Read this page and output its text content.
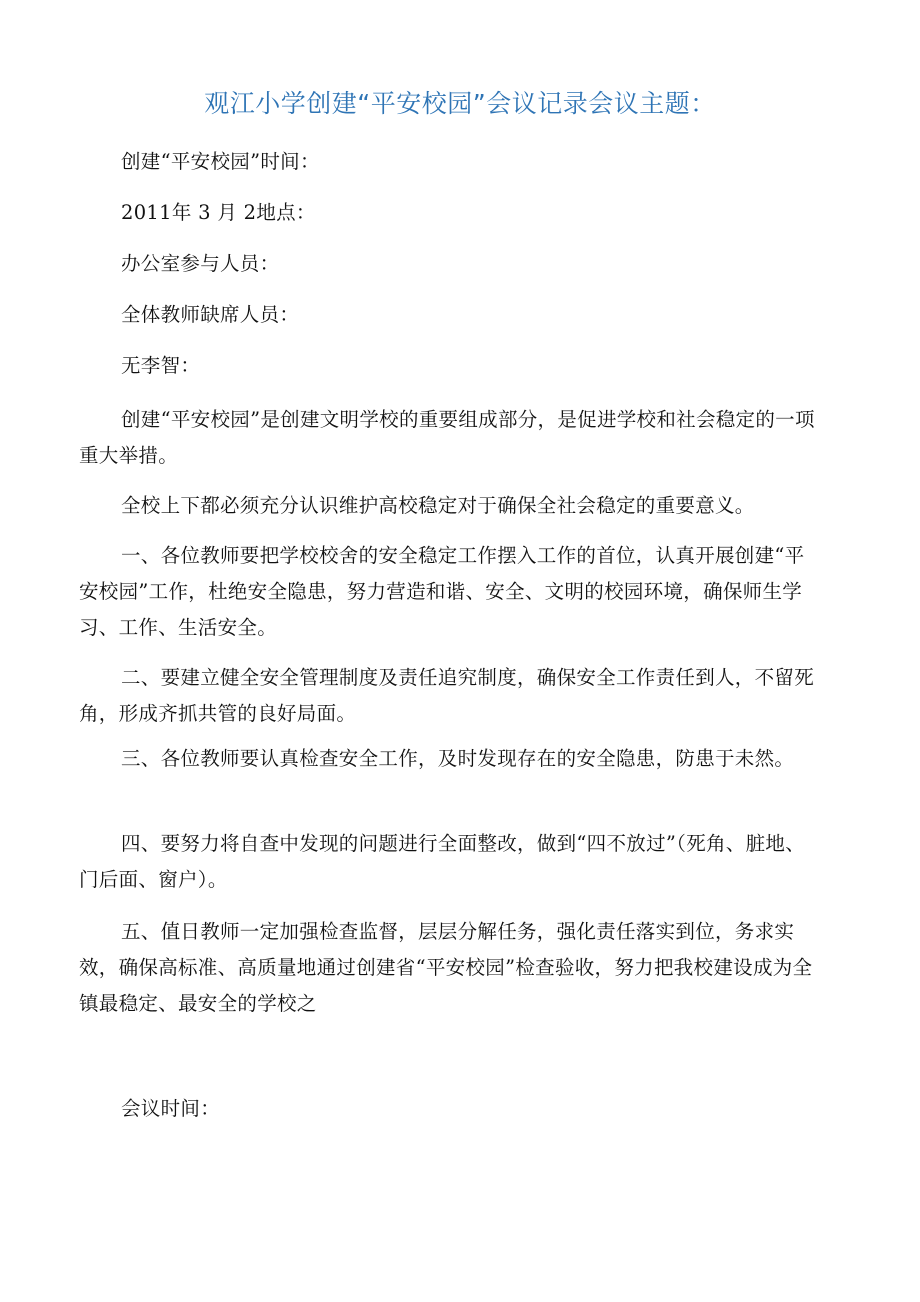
观江小学创建“平安校园”会议记录会议主题：

创建“平安校园”时间：

2011年 3 月 2地点：

办公室参与人员：

全体教师缺席人员：

无李智：

创建“平安校园”是创建文明学校的重要组成部分，是促进学校和社会稳定的一项重大举措。

全校上下都必须充分认识维护高校稳定对于确保全社会稳定的重要意义。

一、各位教师要把学校校舍的安全稳定工作摆入工作的首位，认真开展创建“平安校园”工作，杜绝安全隐患，努力营造和谐、安全、文明的校园环境，确保师生学习、工作、生活安全。

二、要建立健全安全管理制度及责任追究制度，确保安全工作责任到人，不留死角，形成齐抓共管的良好局面。

三、各位教师要认真检查安全工作，及时发现存在的安全隐患，防患于未然。

四、要努力将自查中发现的问题进行全面整改，做到“四不放过”（死角、脏地、门后面、窗户）。

五、值日教师一定加强检查监督，层层分解任务，强化责任落实到位，务求实效，确保高标准、高质量地通过创建省“平安校园”检查验收，努力把我校建设成为全镇最稳定、最安全的学校之

会议时间：
